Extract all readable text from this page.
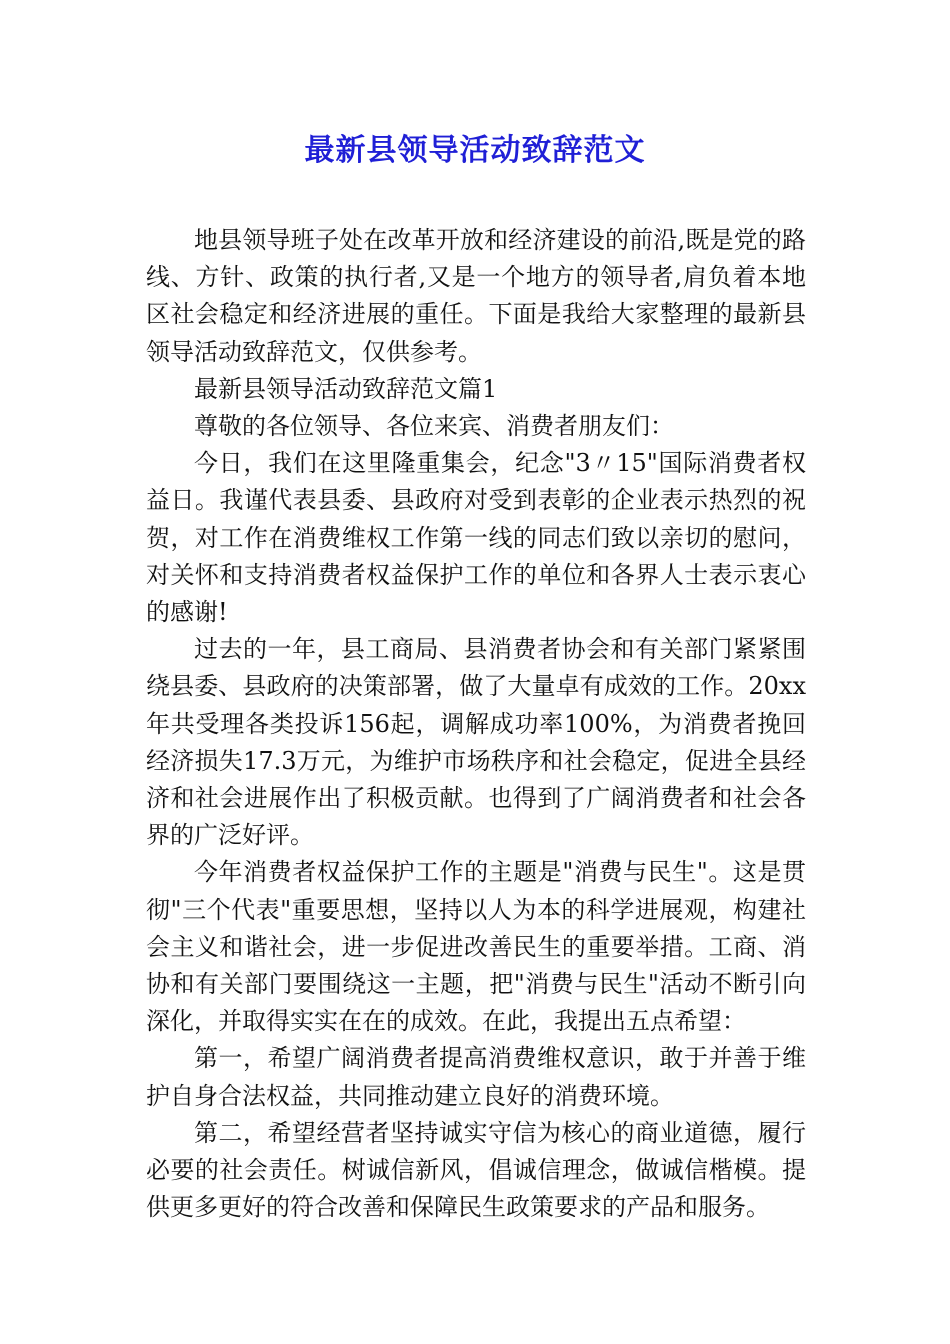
最新县领导活动致辞范文

地县领导班子处在改革开放和经济建设的前沿,既是党的路线、方针、政策的执行者,又是一个地方的领导者,肩负着本地区社会稳定和经济进展的重任。下面是我给大家整理的最新县领导活动致辞范文，仅供参考。

最新县领导活动致辞范文篇1

尊敬的各位领导、各位来宾、消费者朋友们：

今日，我们在这里隆重集会，纪念"3〃15"国际消费者权益日。我谨代表县委、县政府对受到表彰的企业表示热烈的祝贺，对工作在消费维权工作第一线的同志们致以亲切的慰问，对关怀和支持消费者权益保护工作的单位和各界人士表示衷心的感谢!

过去的一年，县工商局、县消费者协会和有关部门紧紧围绕县委、县政府的决策部署，做了大量卓有成效的工作。20xx年共受理各类投诉156起，调解成功率100%，为消费者挽回经济损失17.3万元，为维护市场秩序和社会稳定，促进全县经济和社会进展作出了积极贡献。也得到了广阔消费者和社会各界的广泛好评。

今年消费者权益保护工作的主题是"消费与民生"。这是贯彻"三个代表"重要思想，坚持以人为本的科学进展观，构建社会主义和谐社会，进一步促进改善民生的重要举措。工商、消协和有关部门要围绕这一主题，把"消费与民生"活动不断引向深化，并取得实实在在的成效。在此，我提出五点希望：

第一，希望广阔消费者提高消费维权意识，敢于并善于维护自身合法权益，共同推动建立良好的消费环境。

第二，希望经营者坚持诚实守信为核心的商业道德，履行必要的社会责任。树诚信新风，倡诚信理念，做诚信楷模。提供更多更好的符合改善和保障民生政策要求的产品和服务。
